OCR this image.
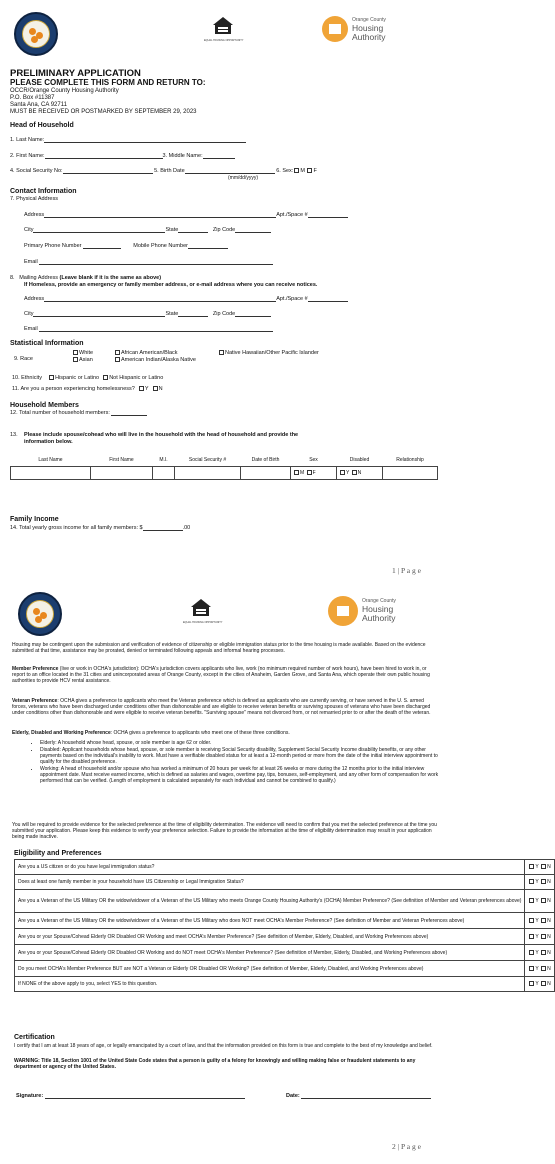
EQUAL HOUSING OPPORTUNITY
Orange County
Housing
Authority
PRELIMINARY APPLICATION
PLEASE COMPLETE THIS FORM AND RETURN TO:
OCCR/Orange County Housing Authority
P.O. Box #11387
Santa Ana, CA 92711
MUST BE RECEIVED OR POSTMARKED BY SEPTEMBER 29, 2023
Head of Household
1. Last Name:
2. First Name:	3. Middle Name:
4. Social Security No:	5. Birth Date	6. Sex: M F
(mm/dd/yyyy)
Contact Information
7. Physical Address
Address	Apt./Space #
City	State	Zip Code
Primary Phone Number	Mobile Phone Number
Email
8. Mailing Address (Leave blank if it is the same as above)
If Homeless, provide an emergency or family member address, or e-mail address where you can receive notices.
Address	Apt./Space #
City	State	Zip Code
Email
Statistical Information
9. Race
White
Asian
African American/Black
American Indian/Alaska Native
Native Hawaiian/Other Pacific Islander
10. Ethnicity Hispanic or Latino Not Hispanic or Latino
11. Are you a person experiencing homelessness? Y N
Household Members
12. Total number of household members:
13. Please include spouse/cohead who will live in the household with the head of household and provide the
information below.
Last Name	First Name	M.I.	Social Security #	Date of Birth	Sex	Disabled	Relationship
					M F	Y N	
Family Income
14. Total yearly gross income for all family members: $	.00
1 | P a g e
EQUAL HOUSING OPPORTUNITY
Orange County
Housing
Authority

Housing may be contingent upon the submission and verification of evidence of citizenship or eligible immigration status prior to the time housing is made available. Based on the evidence submitted at that time, assistance may be prorated, denied or terminated following appeals and informal hearing processes.

Member Preference (live or work in OCHA's jurisdiction): OCHA's jurisdiction covers applicants who live, work (no minimum required number of work hours), have been hired to work in, or report to an office located in the 31 cities and unincorporated areas of Orange County, except in the cities of Anaheim, Garden Grove, and Santa Ana, which operate their own public housing authorities to provide HCV rental assistance.

Veteran Preference: OCHA gives a preference to applicants who meet the Veteran preference which is defined as applicants who are currently serving, or have served in the U. S. armed forces, veterans who have been discharged under conditions other than dishonorable and are eligible to receive veteran benefits or surviving spouses of veterans who have been discharged under conditions other than dishonorable and were eligible to receive veteran benefits. "Surviving spouse" means not divorced from, or not remarried prior to or after the death of the veteran.

Elderly, Disabled and Working Preference: OCHA gives a preference to applicants who meet one of these three conditions.

• Elderly: A household whose head, spouse, or sole member is age 62 or older.
• Disabled: Applicant households whose head, spouse, or sole member is receiving Social Security disability, Supplement Social Security Income disability benefits, or any other payments based on the individual's inability to work. Must have a verifiable disabled status for at least a 12-month period or more from the date of the initial interview appointment to qualify for the disabled preference.
• Working: A head of household and/or spouse who has worked a minimum of 20 hours per week for at least 26 weeks or more during the 12 months prior to the initial interview appointment date. Must receive earned income, which is defined as salaries and wages, overtime pay, tips, bonuses, self-employment, and any other form of compensation for work performed that can be verified. (Length of employment is calculated separately for each individual and cannot be combined to qualify.)

You will be required to provide evidence for the selected preference at the time of eligibility determination. The evidence will need to confirm that you met the selected preference at the time you submitted your application. Please keep this evidence to verify your preference selection. Failure to provide the information at the time of eligibility determination may result in your application being made inactive.

Eligibility and Preferences
Are you a US citizen or do you have legal immigration status?	Y N
Does at least one family member in your household have US Citizenship or Legal Immigration Status?	Y N
Are you a Veteran of the US Military OR the widow/widower of a Veteran of the US Military who meets Orange County Housing Authority's (OCHA) Member Preference? (See definition of Member and Veteran preferences above)	Y N
Are you a Veteran of the US Military OR the widow/widower of a Veteran of the US Military who does NOT meet OCHA's Member Preference? (See definition of Member and Veteran Preferences above)	Y N
Are you or your Spouse/Cohead Elderly OR Disabled OR Working and meet OCHA's Member Preference? (See definition of Member, Elderly, Disabled, and Working Preferences above)	Y N
Are you or your Spouse/Cohead Elderly OR Disabled OR Working and do NOT meet OCHA's Member Preference? (See definition of Member, Elderly, Disabled, and Working Preferences above)	Y N
Do you meet OCHA's Member Preference BUT are NOT a Veteran or Elderly OR Disabled OR Working? (See definition of Member, Elderly, Disabled, and Working Preferences above)	Y N
If NONE of the above apply to you, select YES to this question.	Y N
Certification

I certify that I am at least 18 years of age, or legally emancipated by a court of law, and that the information provided on this form is true and complete to the best of my knowledge and belief.

WARNING: Title 18, Section 1001 of the United State Code states that a person is guilty of a felony for knowingly and willing making false or fraudulent statements to any department or agency of the United States.

Signature:	Date:
2 | P a g e
